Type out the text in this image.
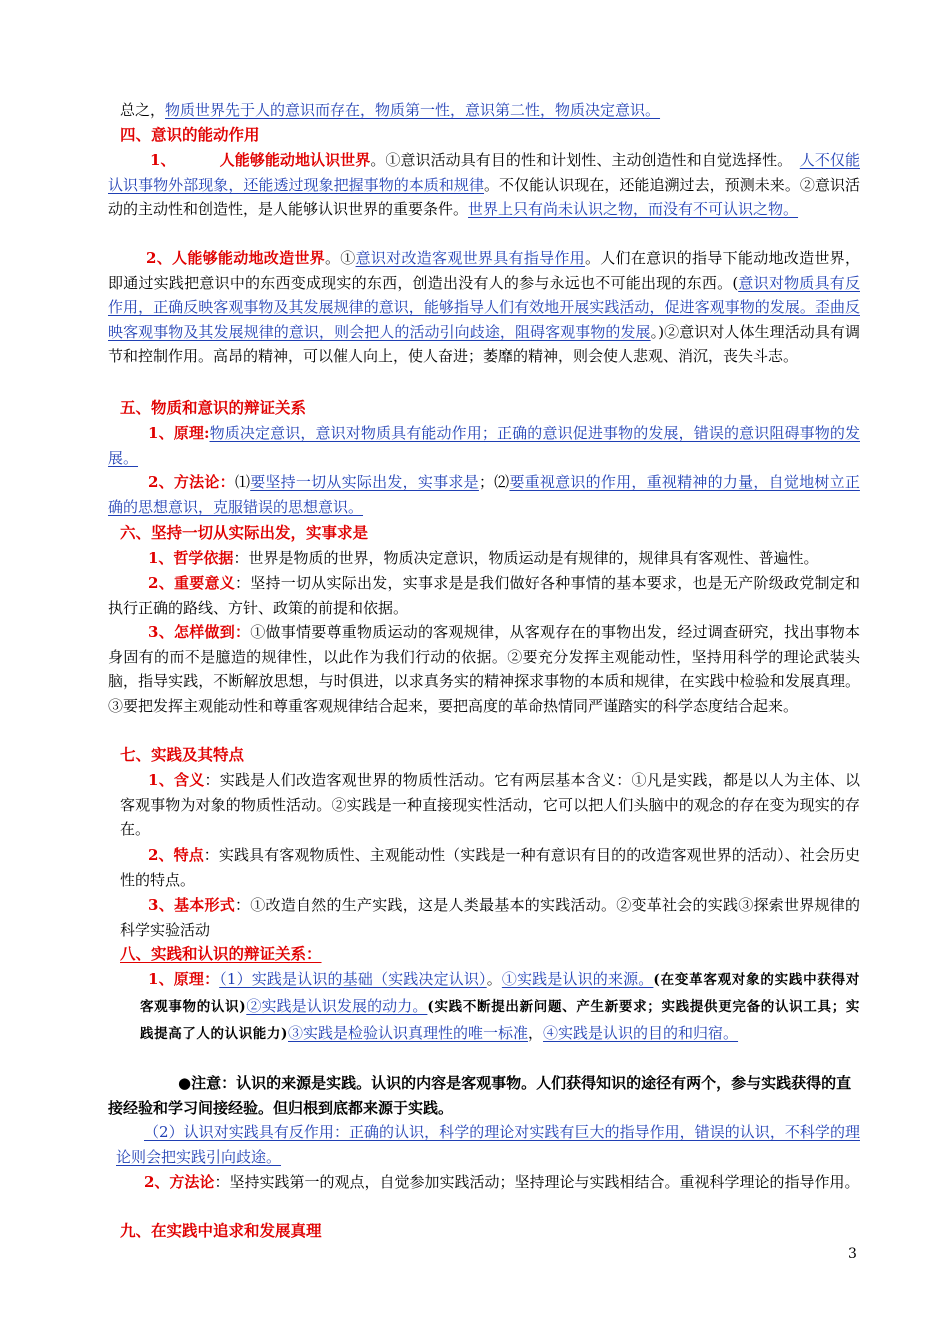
总之，物质世界先于人的意识而存在，物质第一性，意识第二性，物质决定意识。

四、意识的能动作用

1、	人能够能动地认识世界。①意识活动具有目的性和计划性、主动创造性和自觉选择性。　 人不仅能认识事物外部现象，还能透过现象把握事物的本质和规律。不仅能认识现在，还能追溯过去，预测未来。②意识活动的主动性和创造性，是人能够认识世界的重要条件。世界上只有尚未认识之物，而没有不可认识之物。

2、人能够能动地改造世界。①意识对改造客观世界具有指导作用。人们在意识的指导下能动地改造世界，即通过实践把意识中的东西变成现实的东西，创造出没有人的参与永远也不可能出现的东西。(意识对物质具有反作用，正确反映客观事物及其发展规律的意识，能够指导人们有效地开展实践活动，促进客观事物的发展。歪曲反映客观事物及其发展规律的意识，则会把人的活动引向歧途，阻碍客观事物的发展。)②意识对人体生理活动具有调节和控制作用。高昂的精神，可以催人向上，使人奋进；萎靡的精神，则会使人悲观、消沉，丧失斗志。

五、物质和意识的辩证关系

1、原理:物质决定意识，意识对物质具有能动作用；正确的意识促进事物的发展，错误的意识阻碍事物的发展。

2、方法论：⑴要坚持一切从实际出发，实事求是；⑵要重视意识的作用，重视精神的力量，自觉地树立正确的思想意识，克服错误的思想意识。

六、坚持一切从实际出发，实事求是

1、哲学依据：世界是物质的世界，物质决定意识，物质运动是有规律的，规律具有客观性、普遍性。

2、重要意义：坚持一切从实际出发，实事求是是我们做好各种事情的基本要求，也是无产阶级政党制定和执行正确的路线、方针、政策的前提和依据。

3、怎样做到：①做事情要尊重物质运动的客观规律，从客观存在的事物出发，经过调查研究，找出事物本身固有的而不是臆造的规律性，以此作为我们行动的依据。②要充分发挥主观能动性，坚持用科学的理论武装头脑，指导实践，不断解放思想，与时俱进，以求真务实的精神探求事物的本质和规律，在实践中检验和发展真理。③要把发挥主观能动性和尊重客观规律结合起来，要把高度的革命热情同严谨踏实的科学态度结合起来。

七、实践及其特点

1、含义：实践是人们改造客观世界的物质性活动。它有两层基本含义：①凡是实践，都是以人为主体、以客观事物为对象的物质性活动。②实践是一种直接现实性活动，它可以把人们头脑中的观念的存在变为现实的存在。

2、特点：实践具有客观物质性、主观能动性（实践是一种有意识有目的的改造客观世界的活动）、社会历史性的特点。

3、基本形式：①改造自然的生产实践，这是人类最基本的实践活动。②变革社会的实践③探索世界规律的科学实验活动

八、实践和认识的辩证关系：

1、原理：（1）实践是认识的基础（实践决定认识）。①实践是认识的来源。(在变革客观对象的实践中获得对客观事物的认识)②实践是认识发展的动力。(实践不断提出新问题、产生新要求；实践提供更完备的认识工具；实践提高了人的认识能力)③实践是检验认识真理性的唯一标准，④实践是认识的目的和归宿。

●注意：认识的来源是实践。认识的内容是客观事物。人们获得知识的途径有两个，参与实践获得的直接经验和学习间接经验。但归根到底都来源于实践。

（2）认识对实践具有反作用：正确的认识，科学的理论对实践有巨大的指导作用，错误的认识，不科学的理论则会把实践引向歧途。

2、方法论：坚持实践第一的观点，自觉参加实践活动；坚持理论与实践相结合。重视科学理论的指导作用。

九、在实践中追求和发展真理

3
